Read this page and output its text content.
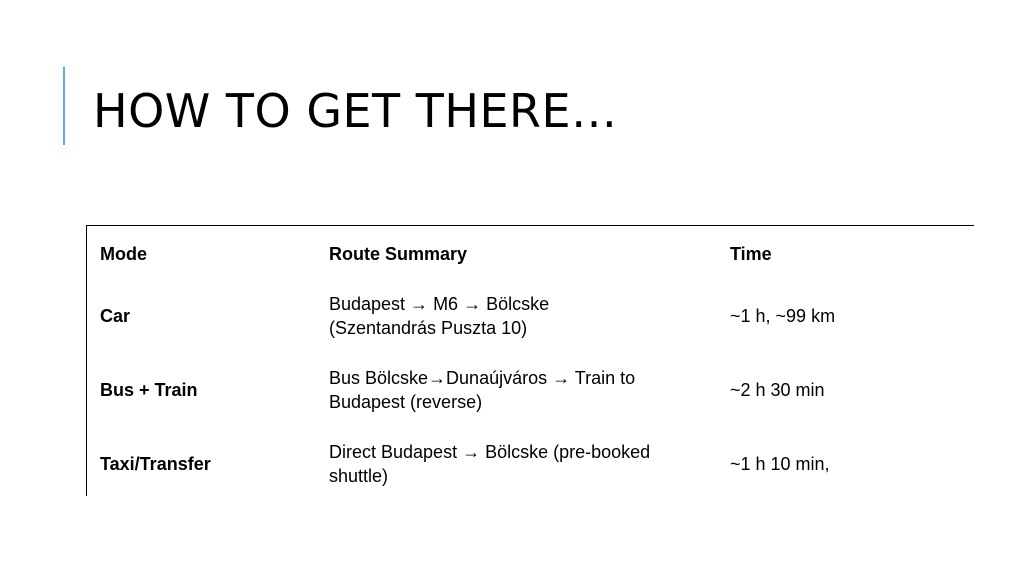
HOW TO GET THERE…
Mode	Route Summary	Time
Car
Budapest → M6 → Bölcske
(Szentandrás Puszta 10)
~1 h, ~99 km
Bus + Train
Bus Bölcske→Dunaújváros → Train to
Budapest (reverse)
~2 h 30 min
Taxi/Transfer
Direct Budapest → Bölcske (pre-booked
shuttle)
~1 h 10 min,
